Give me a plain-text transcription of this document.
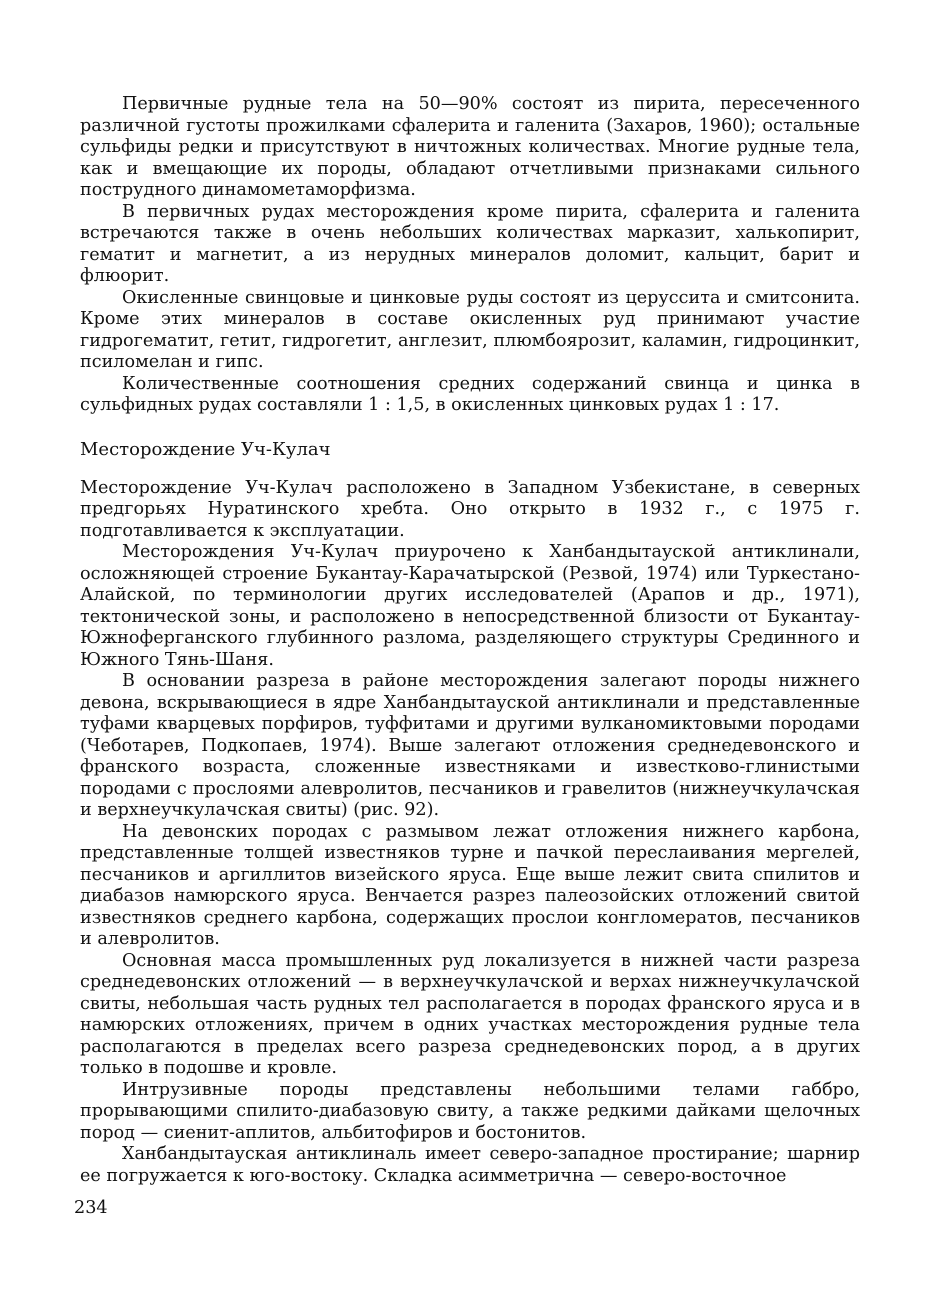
Первичные рудные тела на 50—90% состоят из пирита, пересеченного различной густоты прожилками сфалерита и галенита (Захаров, 1960); остальные сульфиды редки и присутствуют в ничтожных количествах. Многие рудные тела, как и вмещающие их породы, обладают отчетливыми признаками сильного пострудного динамометаморфизма.

В первичных рудах месторождения кроме пирита, сфалерита и галенита встречаются также в очень небольших количествах марказит, халькопирит, гематит и магнетит, а из нерудных минералов доломит, кальцит, барит и флюорит.

Окисленные свинцовые и цинковые руды состоят из церуссита и смитсонита. Кроме этих минералов в составе окисленных руд принимают участие гидрогематит, гетит, гидрогетит, англезит, плюмбоярозит, каламин, гидроцинкит, псиломелан и гипс.

Количественные соотношения средних содержаний свинца и цинка в сульфидных рудах составляли 1 : 1,5, в окисленных цинковых рудах 1 : 17.

Месторождение Уч-Кулач

Месторождение Уч-Кулач расположено в Западном Узбекистане, в северных предгорьях Нуратинского хребта. Оно открыто в 1932 г., с 1975 г. подготавливается к эксплуатации.

Месторождения Уч-Кулач приурочено к Ханбандытауской антиклинали, осложняющей строение Букантау-Карачатырской (Резвой, 1974) или Туркестано-Алайской, по терминологии других исследователей (Арапов и др., 1971), тектонической зоны, и расположено в непосредственной близости от Букантау-Южноферганского глубинного разлома, разделяющего структуры Срединного и Южного Тянь-Шаня.

В основании разреза в районе месторождения залегают породы нижнего девона, вскрывающиеся в ядре Ханбандытауской антиклинали и представленные туфами кварцевых порфиров, туффитами и другими вулканомиктовыми породами (Чеботарев, Подкопаев, 1974). Выше залегают отложения среднедевонского и франского возраста, сложенные известняками и известково-глинистыми породами с прослоями алевролитов, песчаников и гравелитов (нижнеучкулачская и верхнеучкулачская свиты) (рис. 92).

На девонских породах с размывом лежат отложения нижнего карбона, представленные толщей известняков турне и пачкой переслаивания мергелей, песчаников и аргиллитов визейского яруса. Еще выше лежит свита спилитов и диабазов намюрского яруса. Венчается разрез палеозойских отложений свитой известняков среднего карбона, содержащих прослои конгломератов, песчаников и алевролитов.

Основная масса промышленных руд локализуется в нижней части разреза среднедевонских отложений — в верхнеучкулачской и верхах нижнеучкулачской свиты, небольшая часть рудных тел располагается в породах франского яруса и в намюрских отложениях, причем в одних участках месторождения рудные тела располагаются в пределах всего разреза среднедевонских пород, а в других только в подошве и кровле.

Интрузивные породы представлены небольшими телами габбро, прорывающими спилито-диабазовую свиту, а также редкими дайками щелочных пород — сиенит-аплитов, альбитофиров и бостонитов.

Ханбандытауская антиклиналь имеет северо-западное простирание; шарнир ее погружается к юго-востоку. Складка асимметрична — северо-восточное

234
